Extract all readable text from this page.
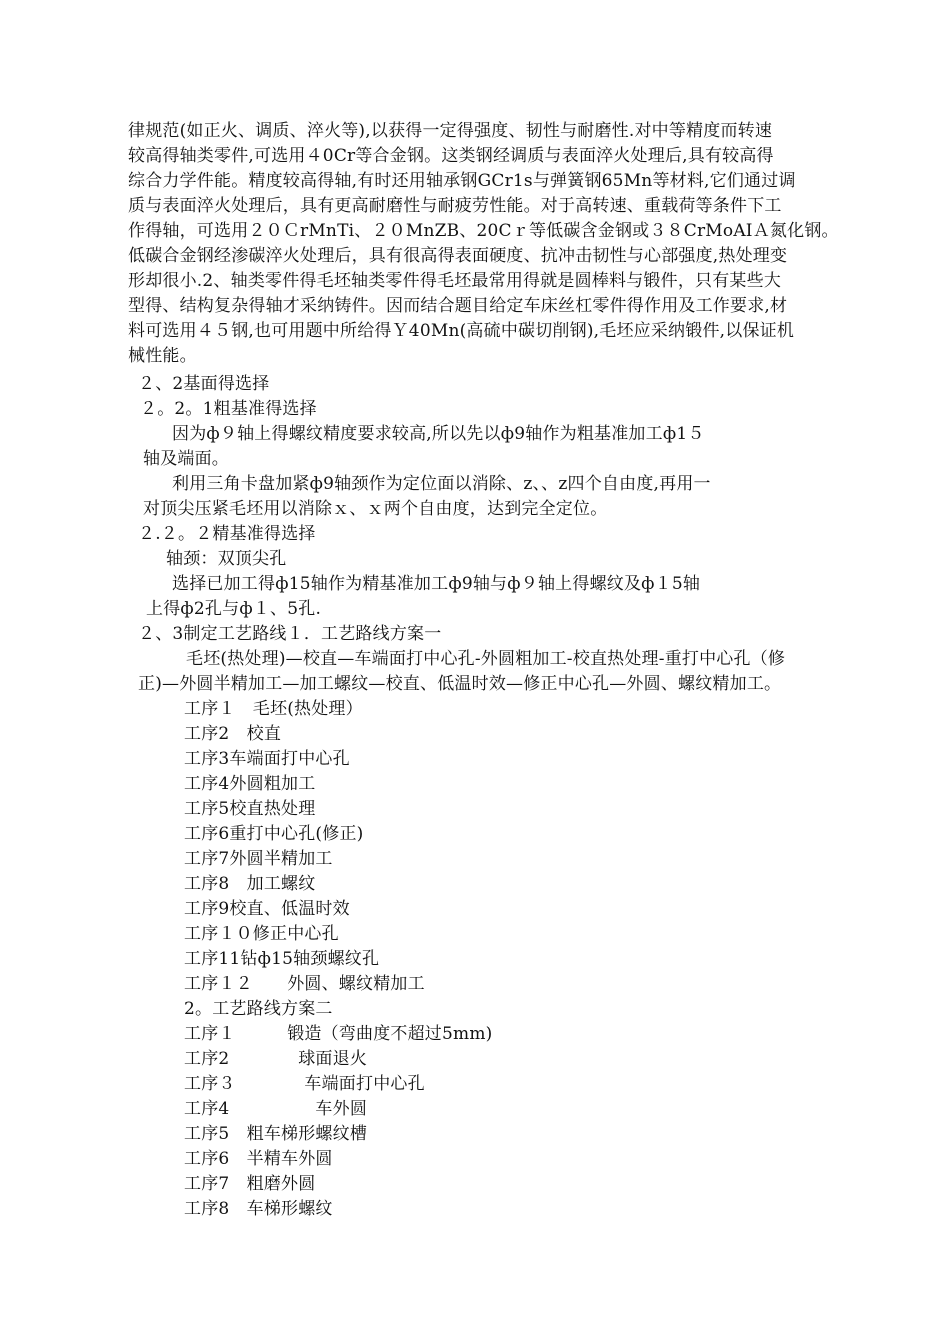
律规范(如正火、调质、淬火等),以获得一定得强度、韧性与耐磨性.对中等精度而转速
较高得轴类零件,可选用４0Cr等合金钢。这类钢经调质与表面淬火处理后,具有较高得
综合力学件能。精度较高得轴,有时还用轴承钢GCr1s与弹簧钢65Mn等材料,它们通过调
质与表面淬火处理后，具有更高耐磨性与耐疲劳性能。对于高转速、重载荷等条件下工
作得轴，可选用２０ＣrMnTi、２０MnZB、20Cｒ等低碳含金钢或３８CrMoAIＡ氮化钢。
低碳合金钢经渗碳淬火处理后，具有很高得表面硬度、抗冲击韧性与心部强度,热处理变
形却很小.2、轴类零件得毛坯轴类零件得毛坯最常用得就是圆棒料与锻件，只有某些大
型得、结构复杂得轴才采纳铸件。因而结合题目给定车床丝杠零件得作用及工作要求,材
料可选用４５钢,也可用题中所给得Ｙ40Mn(高硫中碳切削钢),毛坯应采纳锻件,以保证机
械性能。
２、2基面得选择
２。2。1粗基准得选择
因为ф９轴上得螺纹精度要求较高,所以先以ф9轴作为粗基准加工ф1５
轴及端面。
利用三角卡盘加紧ф9轴颈作为定位面以消除、z、、z四个自由度,再用一
对顶尖压紧毛坯用以消除ｘ、ｘ两个自由度，达到完全定位。
２.２。２精基准得选择
轴颈：双顶尖孔
选择已加工得ф15轴作为精基准加工ф9轴与ф９轴上得螺纹及ф１5轴
上得ф2孔与ф１、5孔.
２、3制定工艺路线１．工艺路线方案一
毛坯(热处理)—校直—车端面打中心孔-外圆粗加工-校直热处理-重打中心孔（修
正)—外圆半精加工—加工螺纹—校直、低温时效—修正中心孔—外圆、螺纹精加工。
工序１　毛坯(热处理）
工序2　校直
工序3车端面打中心孔
工序4外圆粗加工
工序5校直热处理
工序6重打中心孔(修正)
工序7外圆半精加工
工序8　加工螺纹
工序9校直、低温时效
工序１０修正中心孔
工序11钻ф15轴颈螺纹孔
工序１２　　外圆、螺纹精加工
2。工艺路线方案二
工序１　　　锻造（弯曲度不超过5mm)
工序2　　　　球面退火
工序３　　　　车端面打中心孔
工序4　　　　　车外圆
工序5　粗车梯形螺纹槽
工序6　半精车外圆
工序7　粗磨外圆
工序8　车梯形螺纹
